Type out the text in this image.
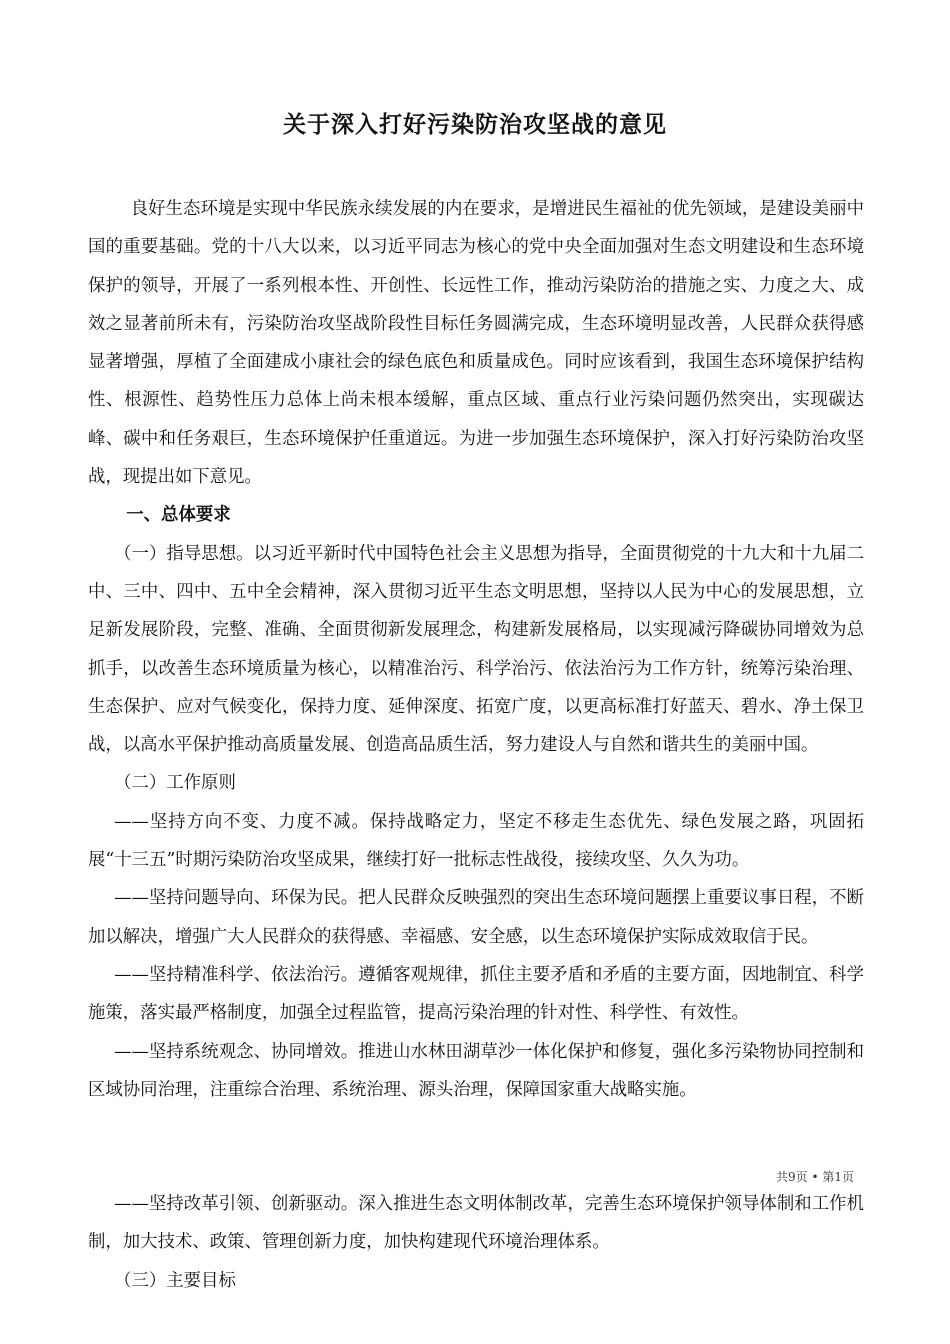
关于深入打好污染防治攻坚战的意见

良好生态环境是实现中华民族永续发展的内在要求，是增进民生福祉的优先领域，是建设美丽中国的重要基础。党的十八大以来，以习近平同志为核心的党中央全面加强对生态文明建设和生态环境保护的领导，开展了一系列根本性、开创性、长远性工作，推动污染防治的措施之实、力度之大、成效之显著前所未有，污染防治攻坚战阶段性目标任务圆满完成，生态环境明显改善，人民群众获得感显著增强，厚植了全面建成小康社会的绿色底色和质量成色。同时应该看到，我国生态环境保护结构性、根源性、趋势性压力总体上尚未根本缓解，重点区域、重点行业污染问题仍然突出，实现碳达峰、碳中和任务艰巨，生态环境保护任重道远。为进一步加强生态环境保护，深入打好污染防治攻坚战，现提出如下意见。

一、总体要求

（一）指导思想。以习近平新时代中国特色社会主义思想为指导，全面贯彻党的十九大和十九届二中、三中、四中、五中全会精神，深入贯彻习近平生态文明思想，坚持以人民为中心的发展思想，立足新发展阶段，完整、准确、全面贯彻新发展理念，构建新发展格局，以实现减污降碳协同增效为总抓手，以改善生态环境质量为核心，以精准治污、科学治污、依法治污为工作方针，统筹污染治理、生态保护、应对气候变化，保持力度、延伸深度、拓宽广度，以更高标准打好蓝天、碧水、净土保卫战，以高水平保护推动高质量发展、创造高品质生活，努力建设人与自然和谐共生的美丽中国。

（二）工作原则

——坚持方向不变、力度不减。保持战略定力，坚定不移走生态优先、绿色发展之路，巩固拓展“十三五”时期污染防治攻坚成果，继续打好一批标志性战役，接续攻坚、久久为功。

——坚持问题导向、环保为民。把人民群众反映强烈的突出生态环境问题摆上重要议事日程，不断加以解决，增强广大人民群众的获得感、幸福感、安全感，以生态环境保护实际成效取信于民。

——坚持精准科学、依法治污。遵循客观规律，抓住主要矛盾和矛盾的主要方面，因地制宜、科学施策，落实最严格制度，加强全过程监管，提高污染治理的针对性、科学性、有效性。

——坚持系统观念、协同增效。推进山水林田湖草沙一体化保护和修复，强化多污染物协同控制和区域协同治理，注重综合治理、系统治理、源头治理，保障国家重大战略实施。

共9页 • 第1页

——坚持改革引领、创新驱动。深入推进生态文明体制改革，完善生态环境保护领导体制和工作机制，加大技术、政策、管理创新力度，加快构建现代环境治理体系。

（三）主要目标
